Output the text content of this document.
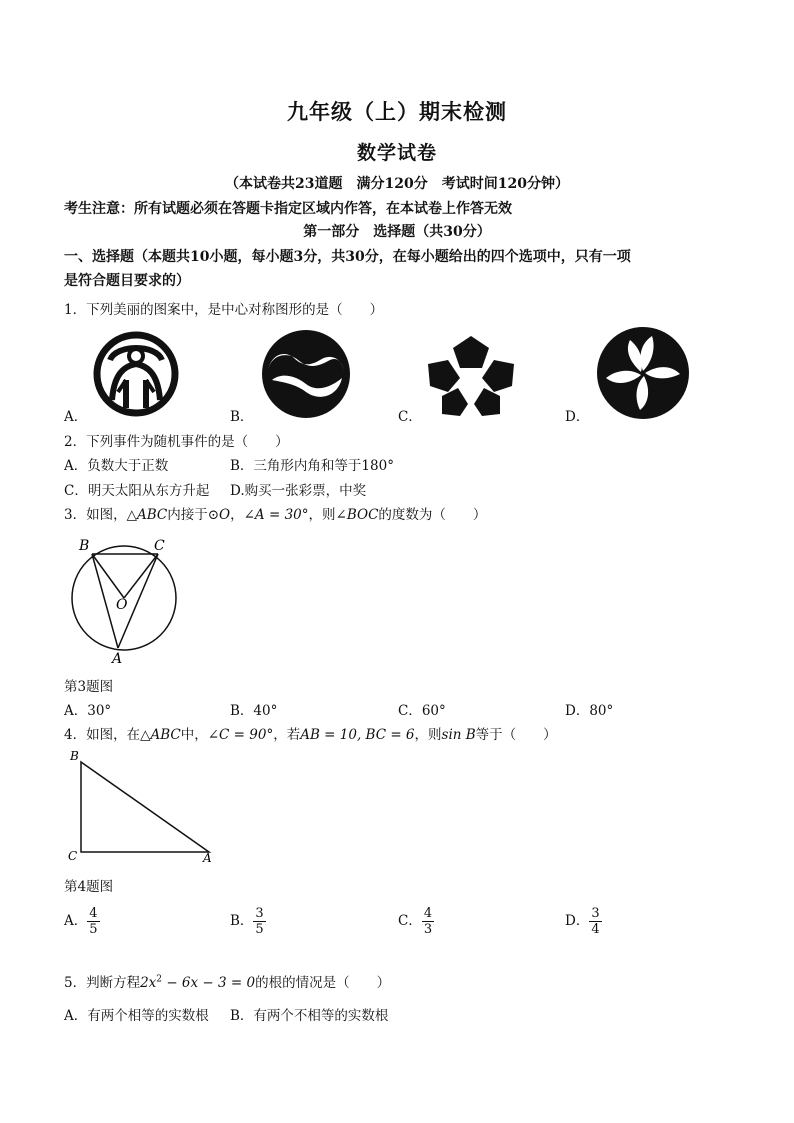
九年级（上）期末检测
数学试卷
（本试卷共23道题　满分120分　考试时间120分钟）
考生注意：所有试题必须在答题卡指定区域内作答，在本试卷上作答无效
第一部分　选择题（共30分）
一、选择题（本题共10小题，每小题3分，共30分，在每小题给出的四个选项中，只有一项
是符合题目要求的）
1．下列美丽的图案中，是中心对称图形的是（　　）
A．	B．	C．	D．
2．下列事件为随机事件的是（　　）
A．负数大于正数	B．三角形内角和等于180°
C．明天太阳从东方升起 D.购买一张彩票，中奖
3．如图，△ABC内接于⊙O，∠A = 30°，则∠BOC的度数为（　　）
B	C
O
A
第3题图
A．30°	B．40°	C．60°	D．80°
4．如图，在△ABC中，∠C = 90°，若AB = 10, BC = 6，则sin B等于（　　）
B
C	A
第4题图
A． $\frac{4}{5}$	B． $\frac{3}{5}$	C． $\frac{4}{3}$	D． $\frac{3}{4}$
5．判断方程$2x^2 - 6x - 3 = 0$的根的情况是（　　）
A．有两个相等的实数根 B．有两个不相等的实数根
